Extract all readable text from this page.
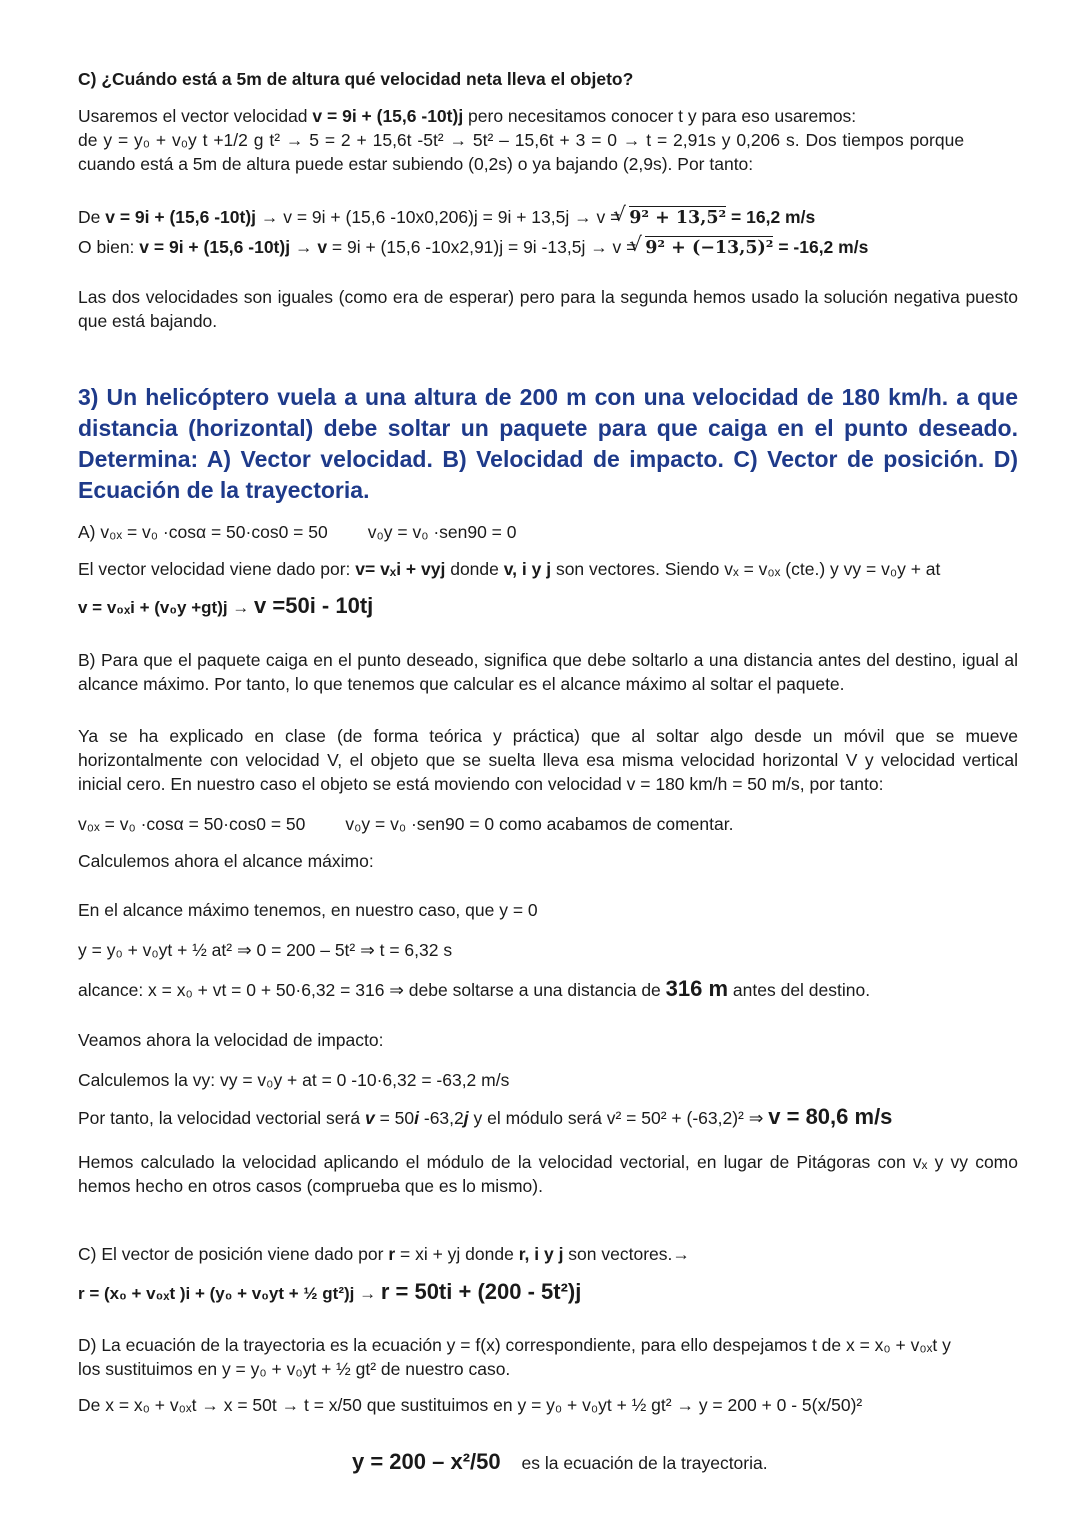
C) ¿Cuándo está a 5m de altura qué velocidad neta lleva el objeto?

Usaremos el vector velocidad v = 9i + (15,6 -10t)j pero necesitamos conocer t y para eso usaremos:

de y = y₀ + v₀y t +1/2 g t² → 5 = 2 + 15,6t -5t² → 5t² – 15,6t + 3 = 0 → t = 2,91s y 0,206 s. Dos tiempos porque

cuando está a 5m de altura puede estar subiendo (0,2s) o ya bajando (2,9s). Por tanto:

De v = 9i + (15,6 -10t)j → v = 9i + (15,6 -10x0,206)j = 9i + 13,5j → v = √ 9² + 13,5² = 16,2 m/s

O bien: v = 9i + (15,6 -10t)j → v = 9i + (15,6 -10x2,91)j = 9i -13,5j → v = √ 9² + (−13,5)² = -16,2 m/s

Las dos velocidades son iguales (como era de esperar) pero para la segunda hemos usado la solución negativa puesto que está bajando.

3) Un helicóptero vuela a una altura de 200 m con una velocidad de 180 km/h. a que distancia (horizontal) debe soltar un paquete para que caiga en el punto deseado. Determina: A) Vector velocidad. B) Velocidad de impacto. C) Vector de posición. D) Ecuación de la trayectoria.

A) v₀ₓ = v₀ ·cosα = 50·cos0 = 50 v₀y = v₀ ·sen90 = 0

El vector velocidad viene dado por: v= vₓi + vyj donde v, i y j son vectores. Siendo vₓ = v₀ₓ (cte.) y vy = v₀y + at

v = v₀ₓi + (v₀y +gt)j → v =50i - 10tj

B) Para que el paquete caiga en el punto deseado, significa que debe soltarlo a una distancia antes del destino, igual al alcance máximo. Por tanto, lo que tenemos que calcular es el alcance máximo al soltar el paquete.

Ya se ha explicado en clase (de forma teórica y práctica) que al soltar algo desde un móvil que se mueve horizontalmente con velocidad V, el objeto que se suelta lleva esa misma velocidad horizontal V y velocidad vertical inicial cero. En nuestro caso el objeto se está moviendo con velocidad v = 180 km/h = 50 m/s, por tanto:

v₀ₓ = v₀ ·cosα = 50·cos0 = 50 v₀y = v₀ ·sen90 = 0 como acabamos de comentar.

Calculemos ahora el alcance máximo:

En el alcance máximo tenemos, en nuestro caso, que y = 0

y = y₀ + v₀yt + ½ at² ⇒ 0 = 200 – 5t² ⇒ t = 6,32 s

alcance: x = x₀ + vt = 0 + 50·6,32 = 316 ⇒ debe soltarse a una distancia de 316 m antes del destino.

Veamos ahora la velocidad de impacto:

Calculemos la vy: vy = v₀y + at = 0 -10·6,32 = -63,2 m/s

Por tanto, la velocidad vectorial será v = 50i -63,2j y el módulo será v² = 50² + (-63,2)² ⇒ v = 80,6 m/s

Hemos calculado la velocidad aplicando el módulo de la velocidad vectorial, en lugar de Pitágoras con vₓ y vy como hemos hecho en otros casos (comprueba que es lo mismo).

C) El vector de posición viene dado por r = xi + yj donde r, i y j son vectores.→

r = (x₀ + v₀ₓt )i + (y₀ + v₀yt + ½ gt²)j → r = 50ti + (200 - 5t²)j

D) La ecuación de la trayectoria es la ecuación y = f(x) correspondiente, para ello despejamos t de x = x₀ + v₀ₓt y

los sustituimos en y = y₀ + v₀yt + ½ gt² de nuestro caso.

De x = x₀ + v₀ₓt → x = 50t → t = x/50 que sustituimos en y = y₀ + v₀yt + ½ gt² → y = 200 + 0 - 5(x/50)²

y = 200 – x²/50 es la ecuación de la trayectoria.
